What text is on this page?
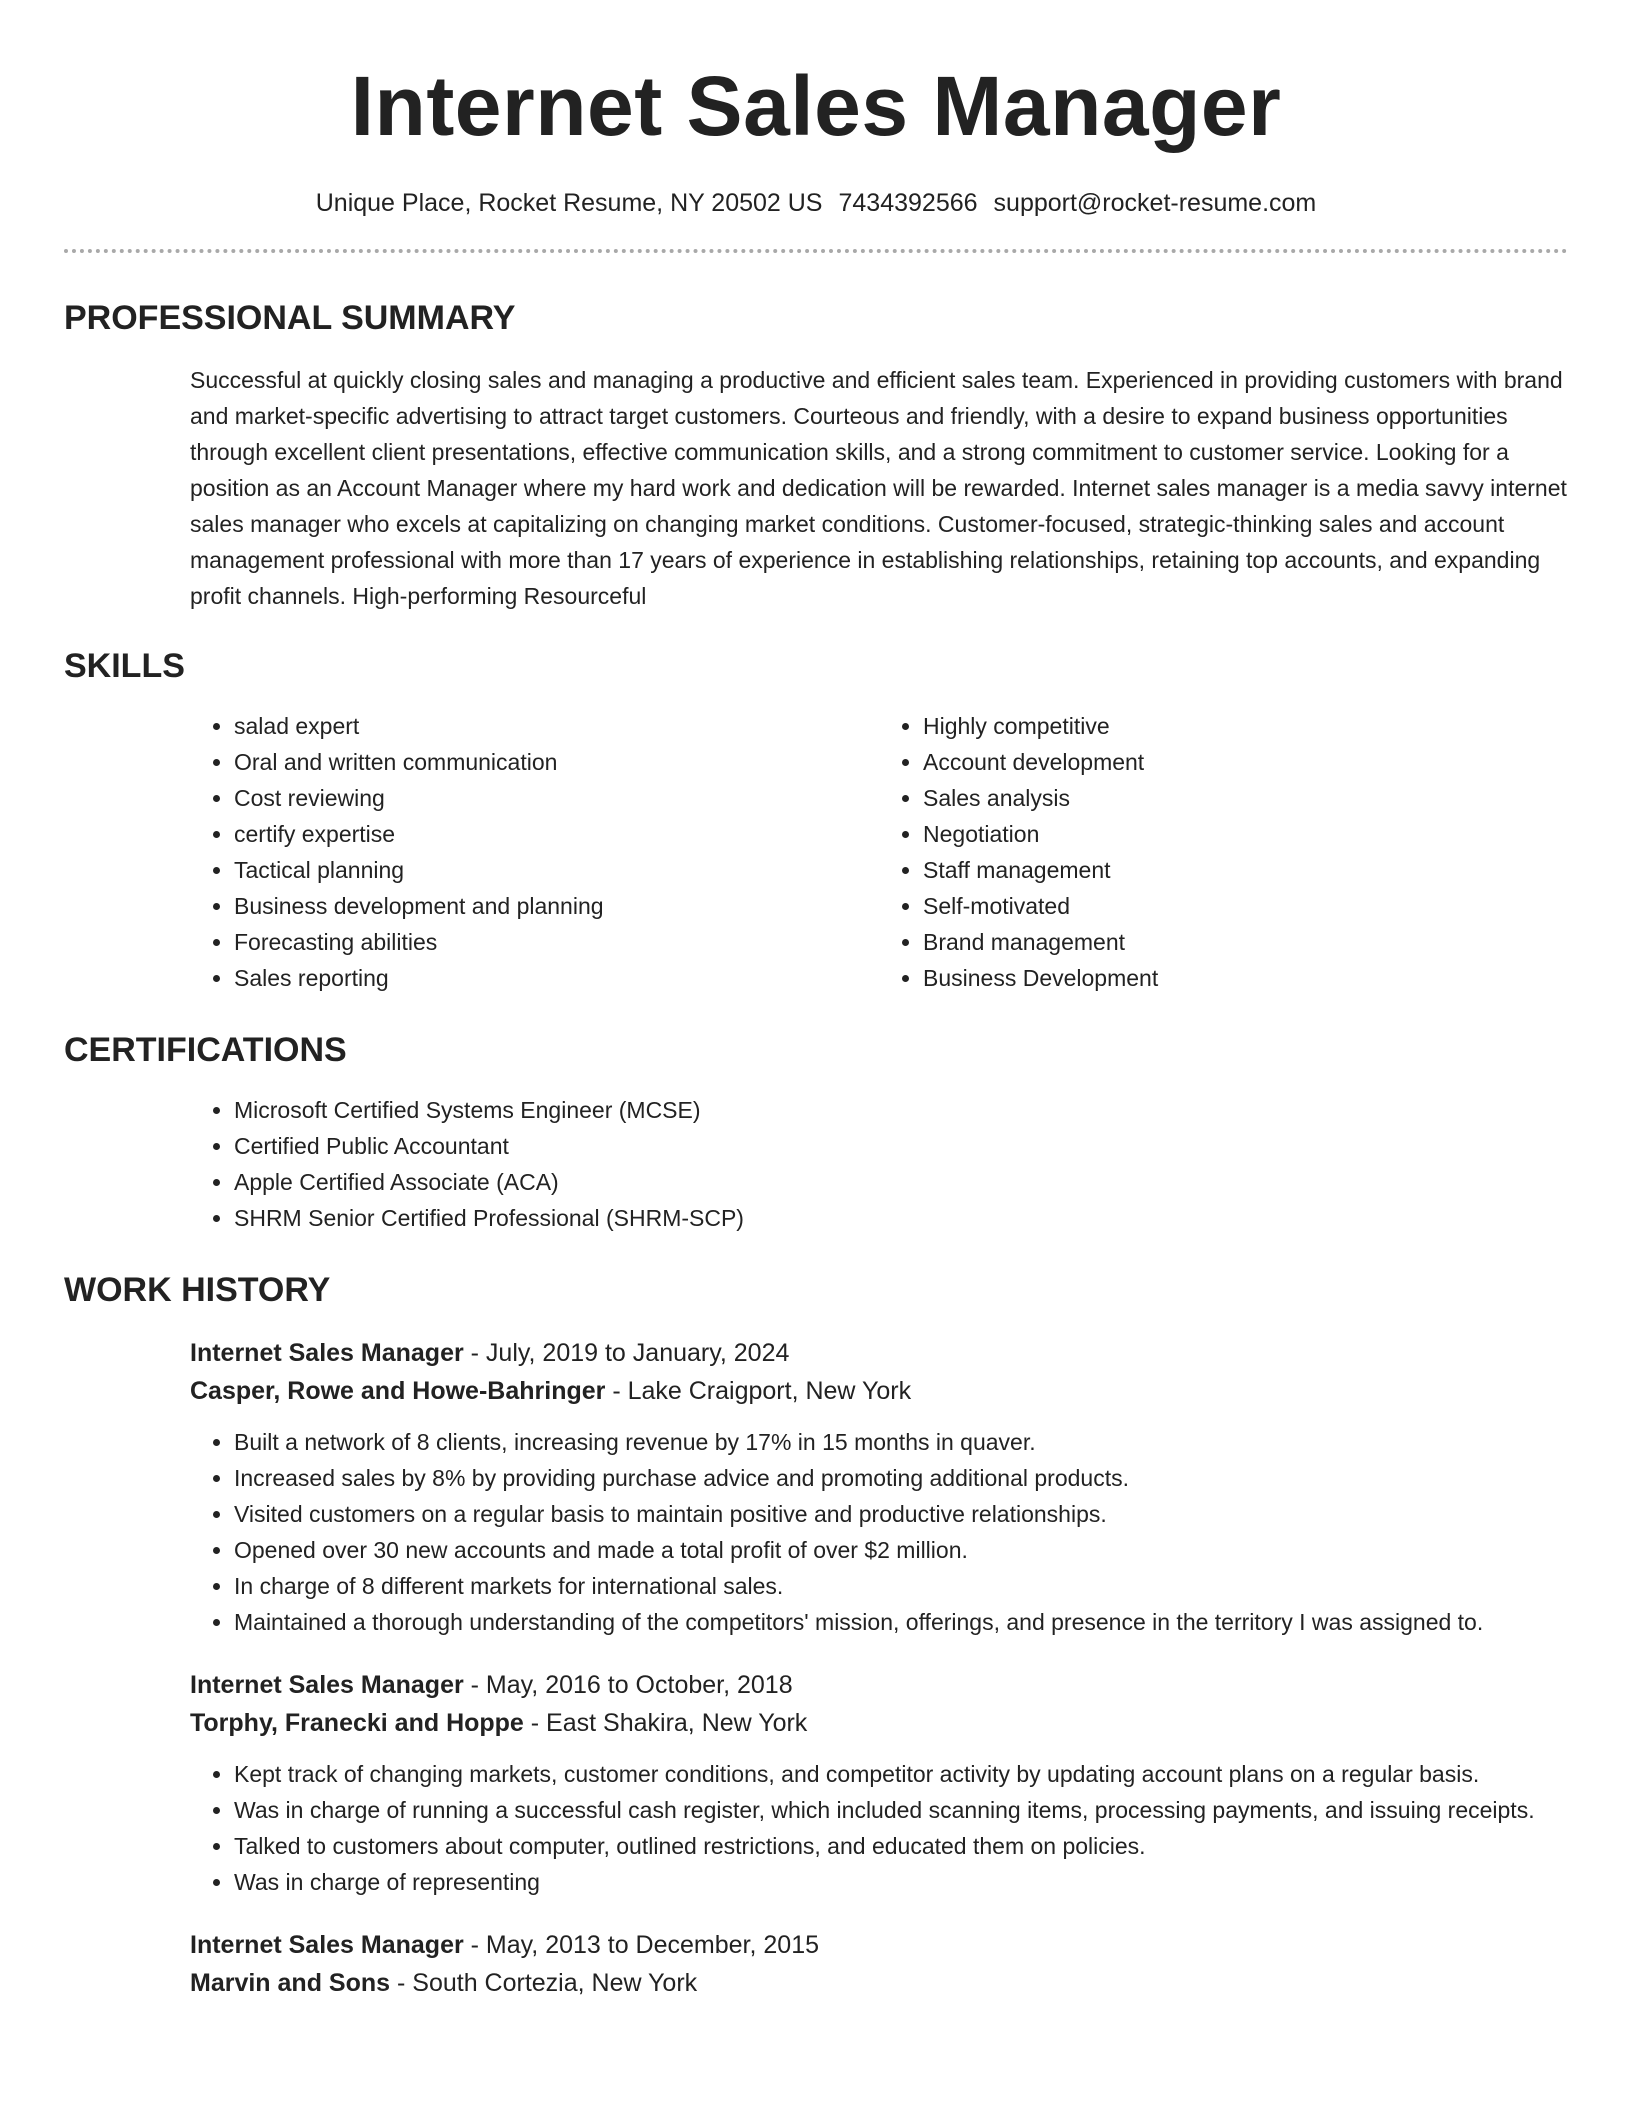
Internet Sales Manager
Unique Place, Rocket Resume, NY 20502 US 7434392566 support@rocket-resume.com
PROFESSIONAL SUMMARY
Successful at quickly closing sales and managing a productive and efficient sales team. Experienced in providing customers with brand and market-specific advertising to attract target customers. Courteous and friendly, with a desire to expand business opportunities through excellent client presentations, effective communication skills, and a strong commitment to customer service. Looking for a position as an Account Manager where my hard work and dedication will be rewarded. Internet sales manager is a media savvy internet sales manager who excels at capitalizing on changing market conditions. Customer-focused, strategic-thinking sales and account management professional with more than 17 years of experience in establishing relationships, retaining top accounts, and expanding profit channels. High-performing Resourceful
SKILLS
• salad expert
• Oral and written communication
• Cost reviewing
• certify expertise
• Tactical planning
• Business development and planning
• Forecasting abilities
• Sales reporting
• Highly competitive
• Account development
• Sales analysis
• Negotiation
• Staff management
• Self-motivated
• Brand management
• Business Development
CERTIFICATIONS
• Microsoft Certified Systems Engineer (MCSE)
• Certified Public Accountant
• Apple Certified Associate (ACA)
• SHRM Senior Certified Professional (SHRM-SCP)
WORK HISTORY
Internet Sales Manager - July, 2019 to January, 2024
Casper, Rowe and Howe-Bahringer - Lake Craigport, New York
• Built a network of 8 clients, increasing revenue by 17% in 15 months in quaver.
• Increased sales by 8% by providing purchase advice and promoting additional products.
• Visited customers on a regular basis to maintain positive and productive relationships.
• Opened over 30 new accounts and made a total profit of over $2 million.
• In charge of 8 different markets for international sales.
• Maintained a thorough understanding of the competitors' mission, offerings, and presence in the territory I was assigned to.
Internet Sales Manager - May, 2016 to October, 2018
Torphy, Franecki and Hoppe - East Shakira, New York
• Kept track of changing markets, customer conditions, and competitor activity by updating account plans on a regular basis.
• Was in charge of running a successful cash register, which included scanning items, processing payments, and issuing receipts.
• Talked to customers about computer, outlined restrictions, and educated them on policies.
• Was in charge of representing
Internet Sales Manager - May, 2013 to December, 2015
Marvin and Sons - South Cortezia, New York
